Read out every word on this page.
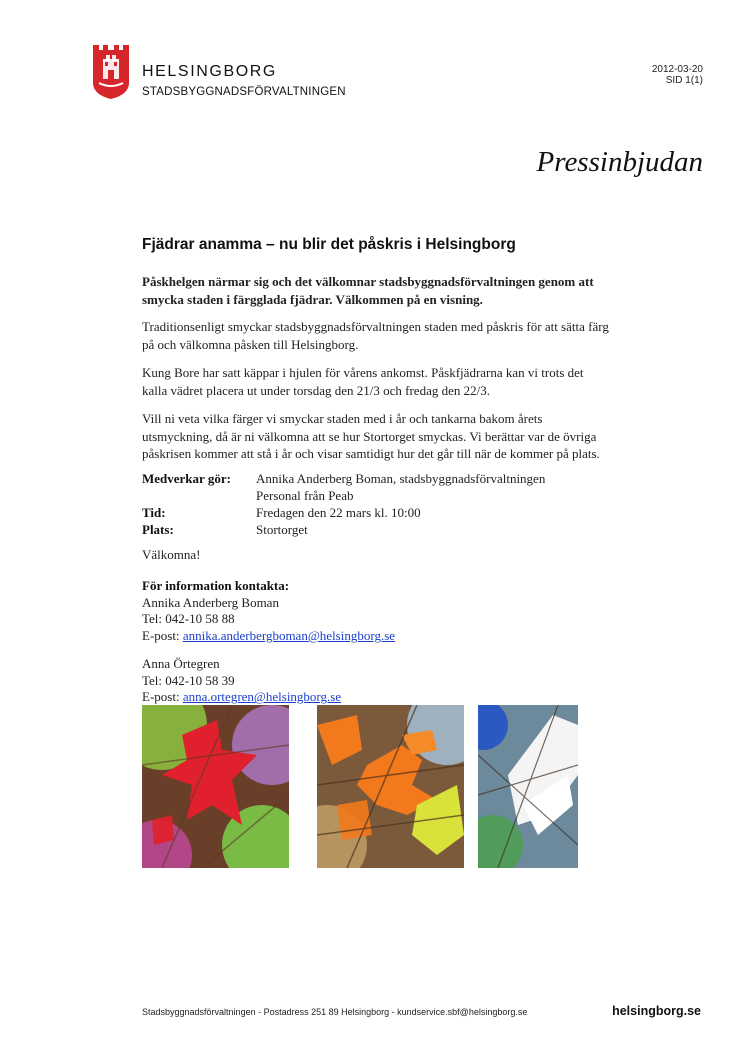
HELSINGBORG
STADSBYGGNADSFÖRVALTNINGEN
2012-03-20
SID 1(1)
Pressinbjudan
Fjädrar anamma – nu blir det påskris i Helsingborg
Påskhelgen närmar sig och det välkomnar stadsbyggnadsförvaltningen genom att smycka staden i färgglada fjädrar. Välkommen på en visning.
Traditionsenligt smyckar stadsbyggnadsförvaltningen staden med påskris för att sätta färg på och välkomna påsken till Helsingborg.
Kung Bore har satt käppar i hjulen för vårens ankomst. Påskfjädrarna kan vi trots det kalla vädret placera ut under torsdag den 21/3 och fredag den 22/3.
Vill ni veta vilka färger vi smyckar staden med i år och tankarna bakom årets utsmyckning, då är ni välkomna att se hur Stortorget smyckas. Vi berättar var de övriga påskrisen kommer att stå i år och visar samtidigt hur det går till när de kommer på plats.
Medverkar gör:	Annika Anderberg Boman, stadsbyggnadsförvaltningen
Personal från Peab
Tid:	Fredagen den 22 mars kl. 10:00
Plats:	Stortorget
Välkomna!
För information kontakta:
Annika Anderberg Boman
Tel: 042-10 58 88
E-post: annika.anderbergboman@helsingborg.se
Anna Örtegren
Tel: 042-10 58 39
E-post: anna.ortegren@helsingborg.se
Stadsbyggnadsförvaltningen - Postadress 251 89 Helsingborg - kundservice.sbf@helsingborg.se	helsingborg.se
